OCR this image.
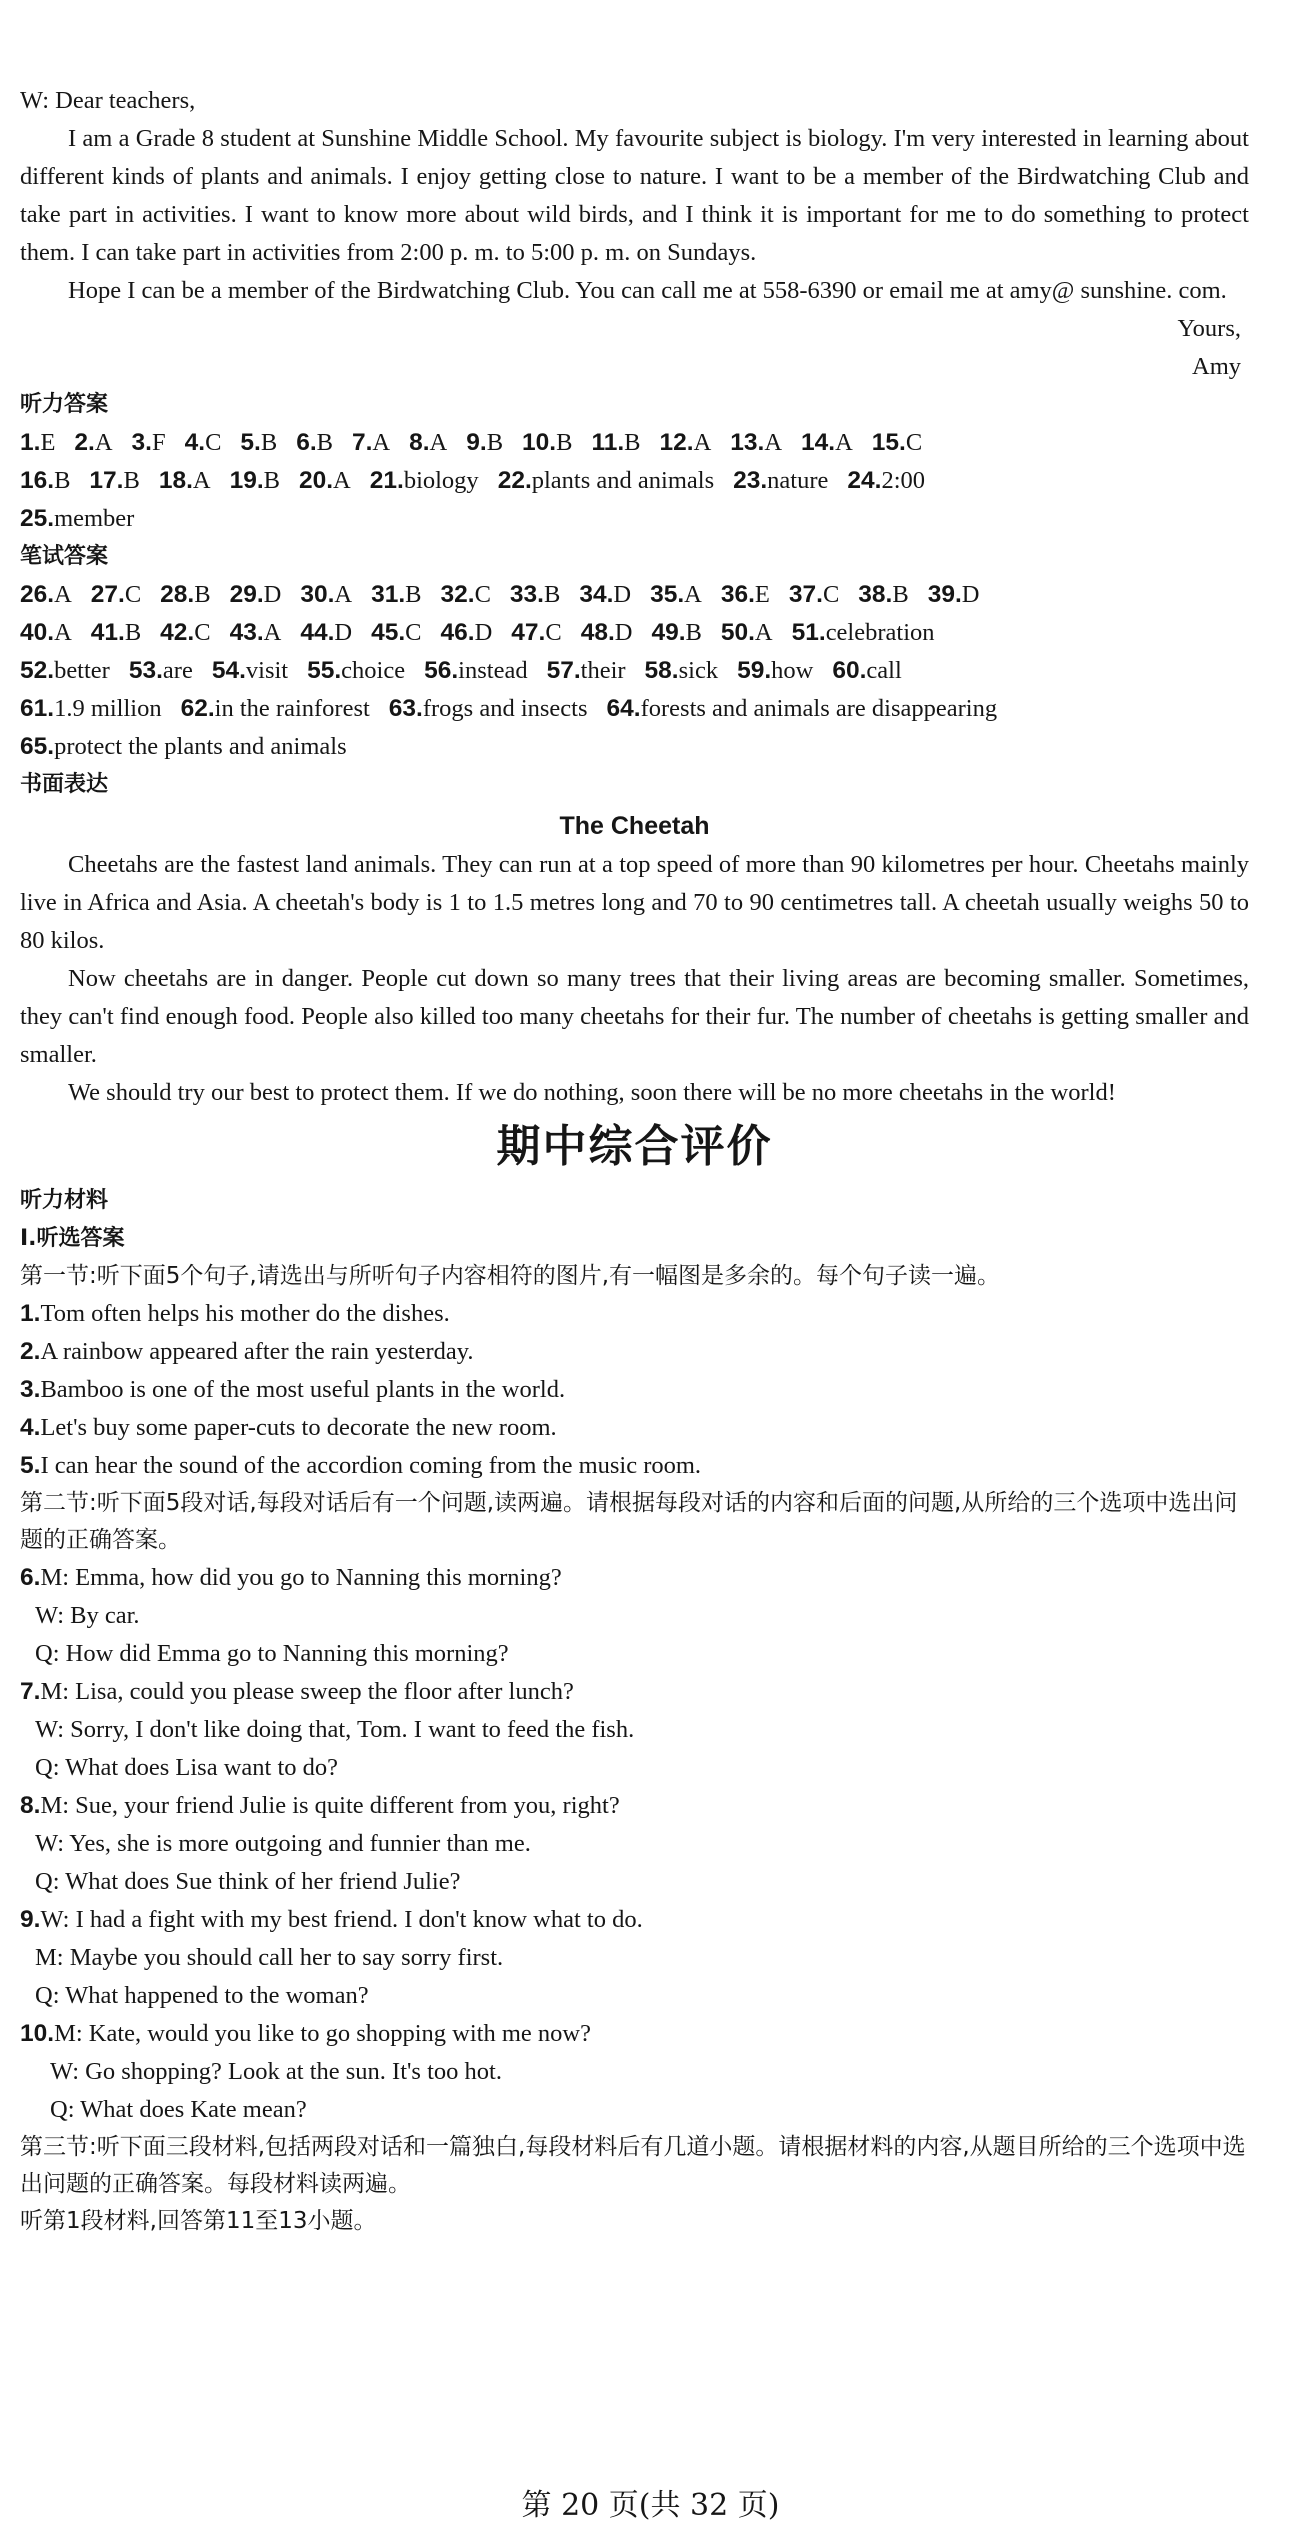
W: Dear teachers,

I am a Grade 8 student at Sunshine Middle School. My favourite subject is biology. I'm very interested in learning about different kinds of plants and animals. I enjoy getting close to nature. I want to be a member of the Birdwatching Club and take part in activities. I want to know more about wild birds, and I think it is important for me to do something to protect them. I can take part in activities from 2:00 p. m. to 5:00 p. m. on Sundays.

Hope I can be a member of the Birdwatching Club. You can call me at 558-6390 or email me at amy@ sunshine. com.

Yours,

Amy

听力答案

1.E 2.A 3.F 4.C 5.B 6.B 7.A 8.A 9.B 10.B 11.B 12.A 13.A 14.A 15.C

16.B 17.B 18.A 19.B 20.A 21.biology 22.plants and animals 23.nature 24.2:00

25.member

笔试答案

26.A 27.C 28.B 29.D 30.A 31.B 32.C 33.B 34.D 35.A 36.E 37.C 38.B 39.D

40.A 41.B 42.C 43.A 44.D 45.C 46.D 47.C 48.D 49.B 50.A 51.celebration

52.better 53.are 54.visit 55.choice 56.instead 57.their 58.sick 59.how 60.call

61.1.9 million 62.in the rainforest 63.frogs and insects 64.forests and animals are disappearing

65.protect the plants and animals

书面表达

The Cheetah

Cheetahs are the fastest land animals. They can run at a top speed of more than 90 kilometres per hour. Cheetahs mainly live in Africa and Asia. A cheetah's body is 1 to 1.5 metres long and 70 to 90 centimetres tall. A cheetah usually weighs 50 to 80 kilos.

Now cheetahs are in danger. People cut down so many trees that their living areas are becoming smaller. Sometimes, they can't find enough food. People also killed too many cheetahs for their fur. The number of cheetahs is getting smaller and smaller.

We should try our best to protect them. If we do nothing, soon there will be no more cheetahs in the world!

期中综合评价

听力材料

Ⅰ.听选答案

第一节:听下面5个句子,请选出与所听句子内容相符的图片,有一幅图是多余的。每个句子读一遍。

1.Tom often helps his mother do the dishes.

2.A rainbow appeared after the rain yesterday.

3.Bamboo is one of the most useful plants in the world.

4.Let's buy some paper-cuts to decorate the new room.

5.I can hear the sound of the accordion coming from the music room.

第二节:听下面5段对话,每段对话后有一个问题,读两遍。请根据每段对话的内容和后面的问题,从所给的三个选项中选出问题的正确答案。

6.M: Emma, how did you go to Nanning this morning?

W: By car.

Q: How did Emma go to Nanning this morning?

7.M: Lisa, could you please sweep the floor after lunch?

W: Sorry, I don't like doing that, Tom. I want to feed the fish.

Q: What does Lisa want to do?

8.M: Sue, your friend Julie is quite different from you, right?

W: Yes, she is more outgoing and funnier than me.

Q: What does Sue think of her friend Julie?

9.W: I had a fight with my best friend. I don't know what to do.

M: Maybe you should call her to say sorry first.

Q: What happened to the woman?

10.M: Kate, would you like to go shopping with me now?

W: Go shopping? Look at the sun. It's too hot.

Q: What does Kate mean?

第三节:听下面三段材料,包括两段对话和一篇独白,每段材料后有几道小题。请根据材料的内容,从题目所给的三个选项中选出问题的正确答案。每段材料读两遍。

听第1段材料,回答第11至13小题。

第 20 页(共 32 页)
